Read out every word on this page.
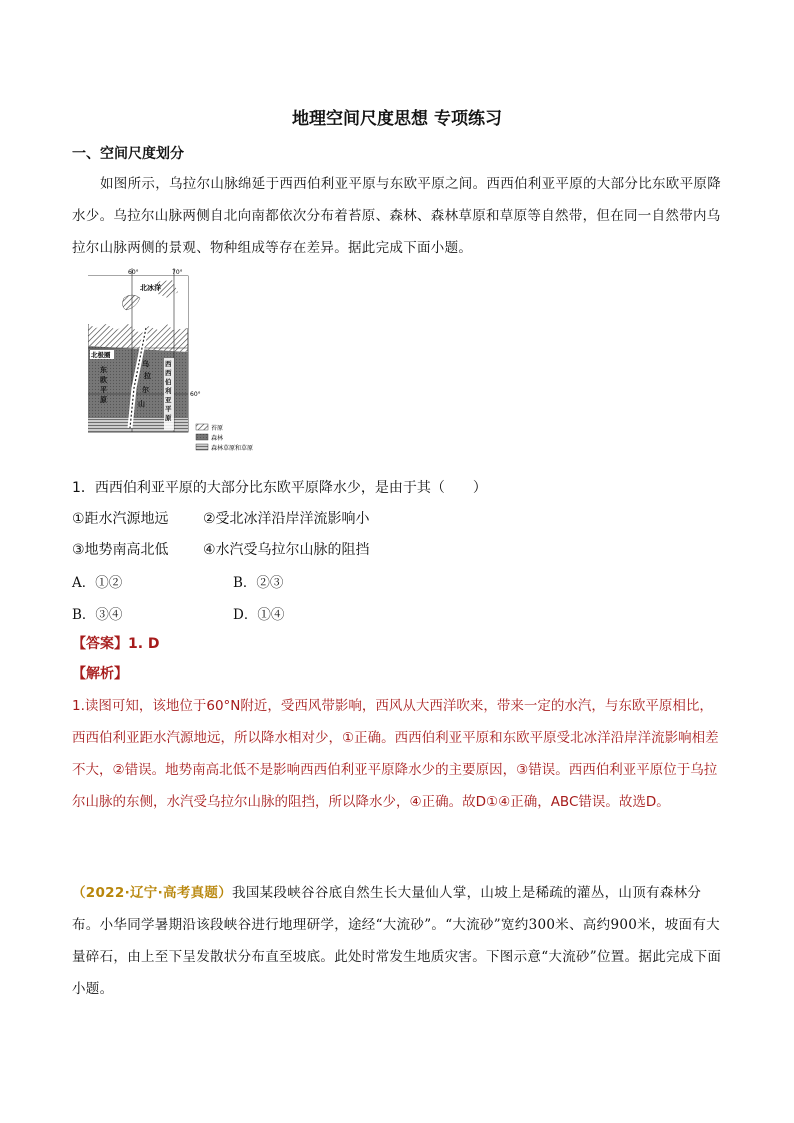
地理空间尺度思想 专项练习
一、空间尺度划分

如图所示，乌拉尔山脉绵延于西西伯利亚平原与东欧平原之间。西西伯利亚平原的大部分比东欧平原降水少。乌拉尔山脉两侧自北向南都依次分布着苔原、森林、森林草原和草原等自然带，但在同一自然带内乌拉尔山脉两侧的景观、物种组成等存在差异。据此完成下面小题。

60°	70°
60°
北冰洋
北极圈
东
欧
平
原
乌
拉
尔
山
西
西
伯
利
亚
平
原
苔原
森林
森林草原和草原
1．西西伯利亚平原的大部分比东欧平原降水少，是由于其（　　）
①距水汽源地远 ②受北冰洋沿岸洋流影响小
③地势南高北低 ④水汽受乌拉尔山脉的阻挡
A．①②	B．②③
B．③④	D．①④
【答案】1. D
【解析】

1.读图可知，该地位于60°N附近，受西风带影响，西风从大西洋吹来，带来一定的水汽，与东欧平原相比，西西伯利亚距水汽源地远，所以降水相对少，①正确。西西伯利亚平原和东欧平原受北冰洋沿岸洋流影响相差不大，②错误。地势南高北低不是影响西西伯利亚平原降水少的主要原因，③错误。西西伯利亚平原位于乌拉尔山脉的东侧，水汽受乌拉尔山脉的阻挡，所以降水少，④正确。故D①④正确，ABC错误。故选D。

（2022·辽宁·高考真题）我国某段峡谷谷底自然生长大量仙人掌，山坡上是稀疏的灌丛，山顶有森林分布。小华同学暑期沿该段峡谷进行地理研学，途经“大流砂”。“大流砂”宽约300米、高约900米，坡面有大量碎石，由上至下呈发散状分布直至坡底。此处时常发生地质灾害。下图示意“大流砂”位置。据此完成下面小题。
